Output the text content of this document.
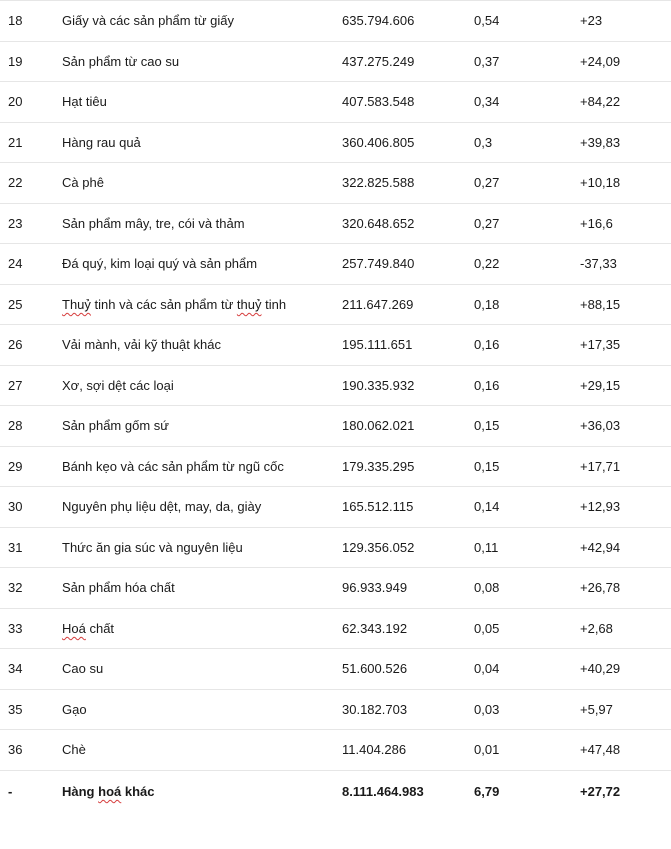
18	Giấy và các sản phẩm từ giấy	635.794.606	0,54	+23
19	Sản phẩm từ cao su	437.275.249	0,37	+24,09
20	Hạt tiêu	407.583.548	0,34	+84,22
21	Hàng rau quả	360.406.805	0,3	+39,83
22	Cà phê	322.825.588	0,27	+10,18
23	Sản phẩm mây, tre, cói và thảm	320.648.652	0,27	+16,6
24	Đá quý, kim loại quý và sản phẩm	257.749.840	0,22	-37,33
25	Thuỷ tinh và các sản phẩm từ thuỷ tinh	211.647.269	0,18	+88,15
26	Vải mành, vải kỹ thuật khác	195.111.651	0,16	+17,35
27	Xơ, sợi dệt các loại	190.335.932	0,16	+29,15
28	Sản phẩm gốm sứ	180.062.021	0,15	+36,03
29	Bánh kẹo và các sản phẩm từ ngũ cốc	179.335.295	0,15	+17,71
30	Nguyên phụ liệu dệt, may, da, giày	165.512.115	0,14	+12,93
31	Thức ăn gia súc và nguyên liệu	129.356.052	0,11	+42,94
32	Sản phẩm hóa chất	96.933.949	0,08	+26,78
33	Hoá chất	62.343.192	0,05	+2,68
34	Cao su	51.600.526	0,04	+40,29
35	Gạo	30.182.703	0,03	+5,97
36	Chè	11.404.286	0,01	+47,48
-	Hàng hoá khác	8.111.464.983	6,79	+27,72
